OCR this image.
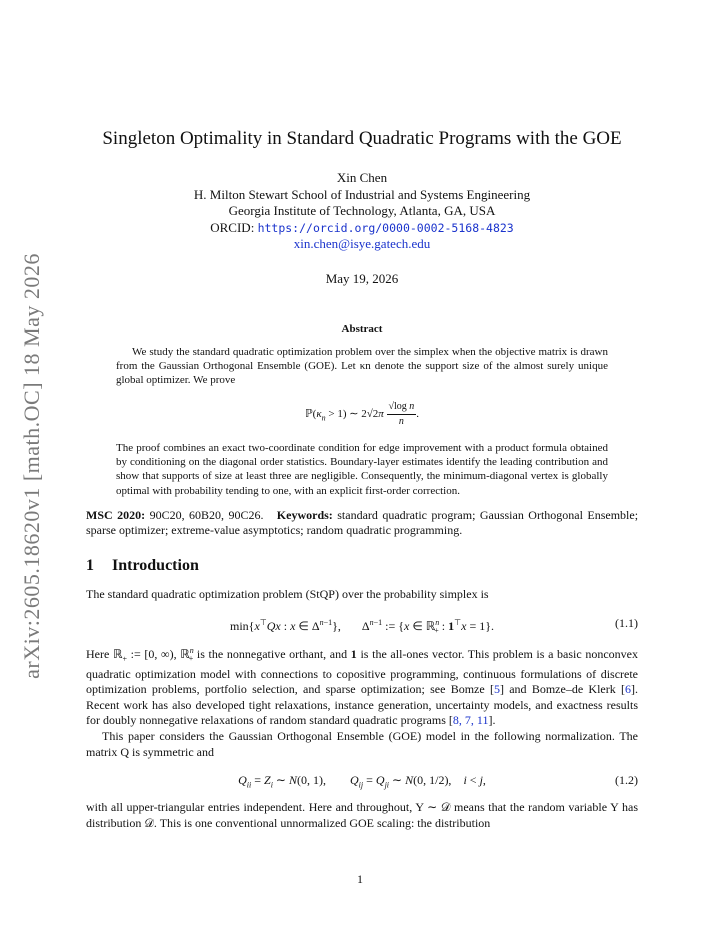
arXiv:2605.18620v1 [math.OC] 18 May 2026
Singleton Optimality in Standard Quadratic Programs with the GOE
Xin Chen
H. Milton Stewart School of Industrial and Systems Engineering
Georgia Institute of Technology, Atlanta, GA, USA
ORCID: https://orcid.org/0000-0002-5168-4823
xin.chen@isye.gatech.edu
May 19, 2026
Abstract

We study the standard quadratic optimization problem over the simplex when the objective matrix is drawn from the Gaussian Orthogonal Ensemble (GOE). Let κn denote the support size of the almost surely unique global optimizer. We prove

$ℙ(\kappa_n > 1)$ ∼ $2√2\pi \frac{\text{√log n}}{n}$ .

The proof combines an exact two-coordinate condition for edge improvement with a product formula obtained by conditioning on the diagonal order statistics. Boundary-layer estimates identify the leading contribution and show that supports of size at least three are negligible. Consequently, the minimum-diagonal vertex is globally optimal with probability tending to one, with an explicit first-order correction.

MSC 2020: 90C20, 60B20, 90C26. Keywords: standard quadratic program; Gaussian Orthogonal Ensemble; sparse optimizer; extreme-value asymptotics; random quadratic programming.
1 Introduction

The standard quadratic optimization problem (StQP) over the probability simplex is

min{x⊤Qx : x ∈ $\Delta^{n-1}$},       $\Delta^{n-1}$ := {x ∈ ℝ$^n_+$ : 1⊤x = 1}.	(1.1)

Here ℝ$_+$ := [0, ∞), ℝ$^n_+$ is the nonnegative orthant, and 1 is the all-ones vector. This problem is a basic nonconvex quadratic optimization model with connections to copositive programming, continuous formulations of discrete optimization problems, portfolio selection, and sparse optimization; see Bomze [5] and Bomze–de Klerk [6]. Recent work has also developed tight relaxations, instance generation, uncertainty models, and exactness results for doubly nonnegative relaxations of random standard quadratic programs [8, 7, 11].

This paper considers the Gaussian Orthogonal Ensemble (GOE) model in the following normalization. The matrix Q is symmetric and

$Q_{ii} = Z_i$ ∼ N(0, 1),        $Q_{ij} = Q_{ji}$ ∼ N(0, 1/2),    i < j,	(1.2)

with all upper-triangular entries independent. Here and throughout, Y ∼ 𝒟 means that the random variable Y has distribution 𝒟. This is one conventional unnormalized GOE scaling: the distribution

1
